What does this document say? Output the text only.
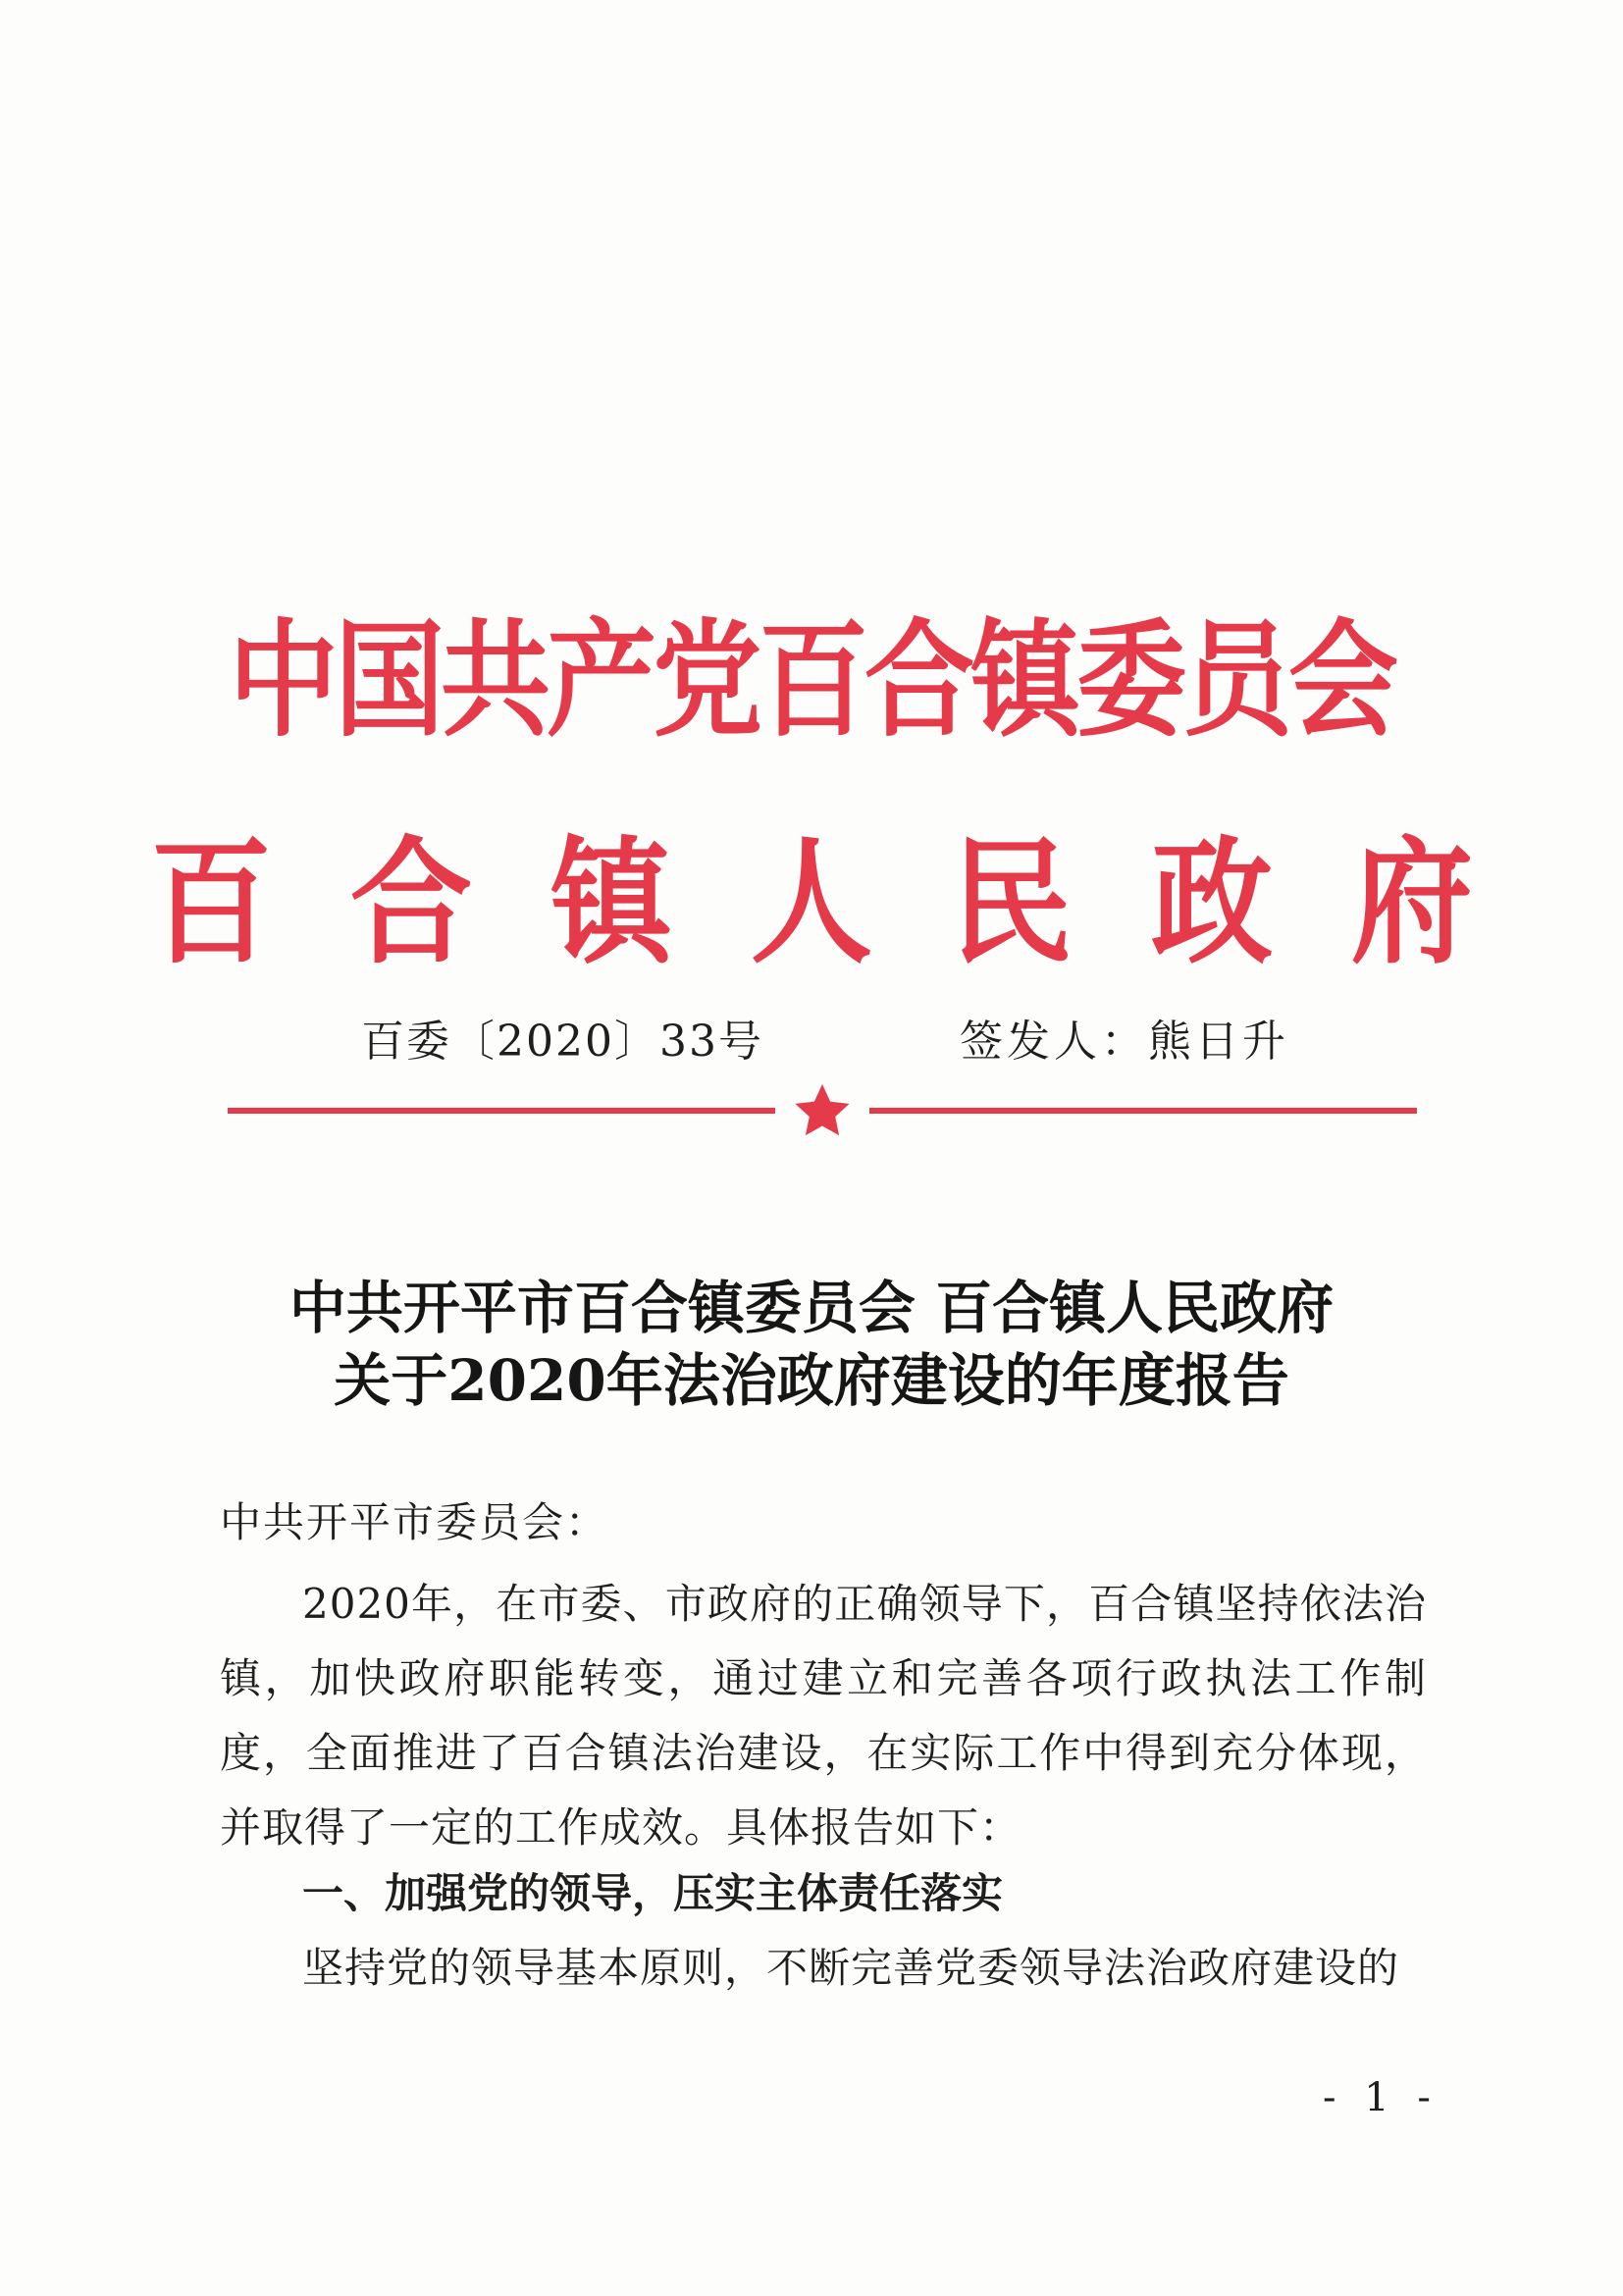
中国共产党百合镇委员会
百合镇人民政府
百委〔2020〕33号	签发人：熊日升
中共开平市百合镇委员会 百合镇人民政府
关于2020年法治政府建设的年度报告
中共开平市委员会：

2020年，在市委、市政府的正确领导下，百合镇坚持依法治镇，加快政府职能转变，通过建立和完善各项行政执法工作制度，全面推进了百合镇法治建设，在实际工作中得到充分体现，并取得了一定的工作成效。具体报告如下：

一、加强党的领导，压实主体责任落实
坚持党的领导基本原则，不断完善党委领导法治政府建设的
- 1 -
